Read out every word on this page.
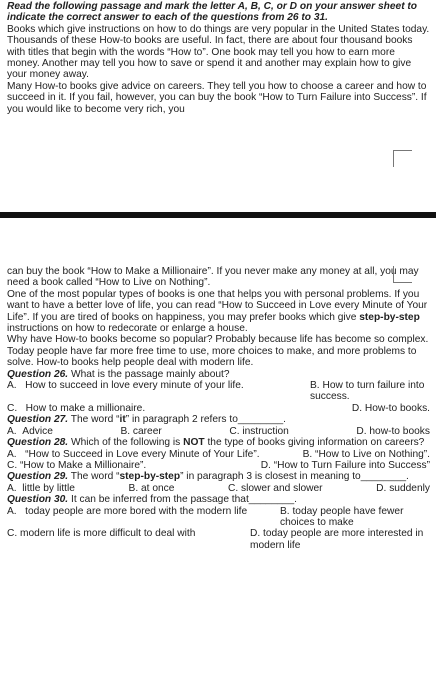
Read the following passage and mark the letter A, B, C, or D on your answer sheet to indicate the correct answer to each of the questions from 26 to 31.

Books which give instructions on how to do things are very popular in the United States today. Thousands of these How-to books are useful. In fact, there are about four thousand books with titles that begin with the words “How to”. One book may tell you how to earn more money. Another may tell you how to save or spend it and another may explain how to give your money away.

Many How-to books give advice on careers. They tell you how to choose a career and how to succeed in it. If you fail, however, you can buy the book “How to Turn Failure into Success”. If you would like to become very rich, you

can buy the book “How to Make a Millionaire”. If you never make any money at all, you may need a book called “How to Live on Nothing”.

One of the most popular types of books is one that helps you with personal problems. If you want to have a better love of life, you can read “How to Succeed in Love every Minute of Your Life”. If you are tired of books on happiness, you may prefer books which give step-by-step instructions on how to redecorate or enlarge a house.

Why have How-to books become so popular? Probably because life has become so complex. Today people have far more free time to use, more choices to make, and more problems to solve. How-to books help people deal with modern life.

Question 26. What is the passage mainly about?

A.   How to succeed in love every minute of your life.	B. How to turn failure into success.
C.   How to make a millionaire.	D. How-to books.

Question 27. The word “it” in paragraph 2 refers to________.

A.  Advice	B. career	C. instruction	D. how-to books

Question 28. Which of the following is NOT the type of books giving information on careers?

A.   “How to Succeed in Love every Minute of Your Life”.	B. “How to Live on Nothing”.
C. “How to Make a Millionaire”.	D. “How to Turn Failure into Success”

Question 29. The word “step-by-step” in paragraph 3 is closest in meaning to________.

A.  little by little	B. at once	C. slower and slower	D. suddenly

Question 30. It can be inferred from the passage that________.

A.   today people are more bored with the modern life	B. today people have fewer choices to make
C. modern life is more difficult to deal with	D. today people are more interested in modern life
